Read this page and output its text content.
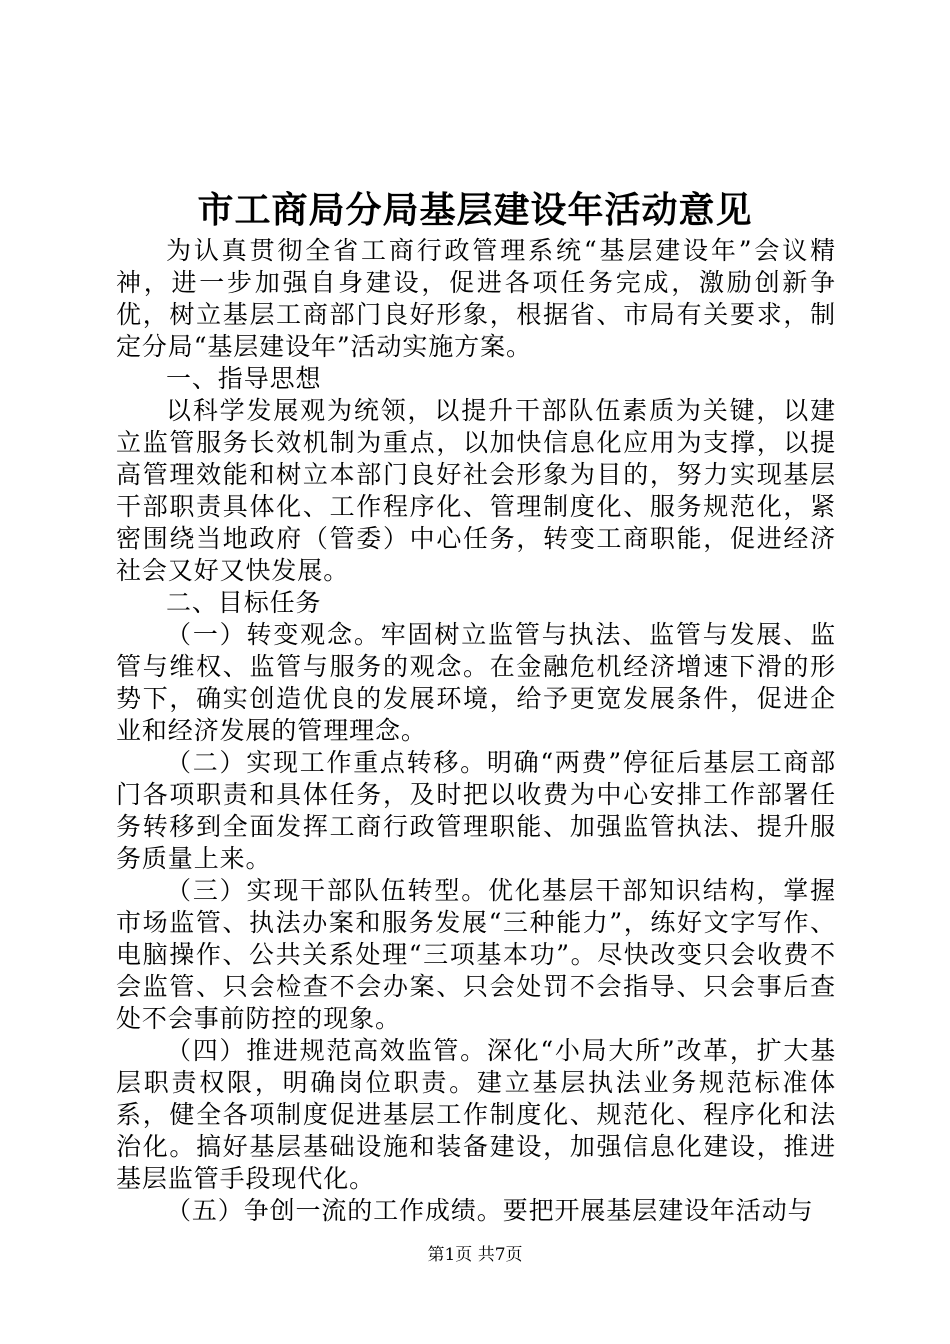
市工商局分局基层建设年活动意见

为认真贯彻全省工商行政管理系统“基层建设年”会议精神，进一步加强自身建设，促进各项任务完成，激励创新争优，树立基层工商部门良好形象，根据省、市局有关要求，制定分局“基层建设年”活动实施方案。

一、指导思想

以科学发展观为统领，以提升干部队伍素质为关键，以建立监管服务长效机制为重点，以加快信息化应用为支撑，以提高管理效能和树立本部门良好社会形象为目的，努力实现基层干部职责具体化、工作程序化、管理制度化、服务规范化，紧密围绕当地政府（管委）中心任务，转变工商职能，促进经济社会又好又快发展。

二、目标任务

（一）转变观念。牢固树立监管与执法、监管与发展、监管与维权、监管与服务的观念。在金融危机经济增速下滑的形势下，确实创造优良的发展环境，给予更宽发展条件，促进企业和经济发展的管理理念。

（二）实现工作重点转移。明确“两费”停征后基层工商部门各项职责和具体任务，及时把以收费为中心安排工作部署任务转移到全面发挥工商行政管理职能、加强监管执法、提升服务质量上来。

（三）实现干部队伍转型。优化基层干部知识结构，掌握市场监管、执法办案和服务发展“三种能力”，练好文字写作、电脑操作、公共关系处理“三项基本功”。尽快改变只会收费不会监管、只会检查不会办案、只会处罚不会指导、只会事后查处不会事前防控的现象。

（四）推进规范高效监管。深化“小局大所”改革，扩大基层职责权限，明确岗位职责。建立基层执法业务规范标准体系，健全各项制度促进基层工作制度化、规范化、程序化和法治化。搞好基层基础设施和装备建设，加强信息化建设，推进基层监管手段现代化。

（五）争创一流的工作成绩。要把开展基层建设年活动与

第1页 共7页
